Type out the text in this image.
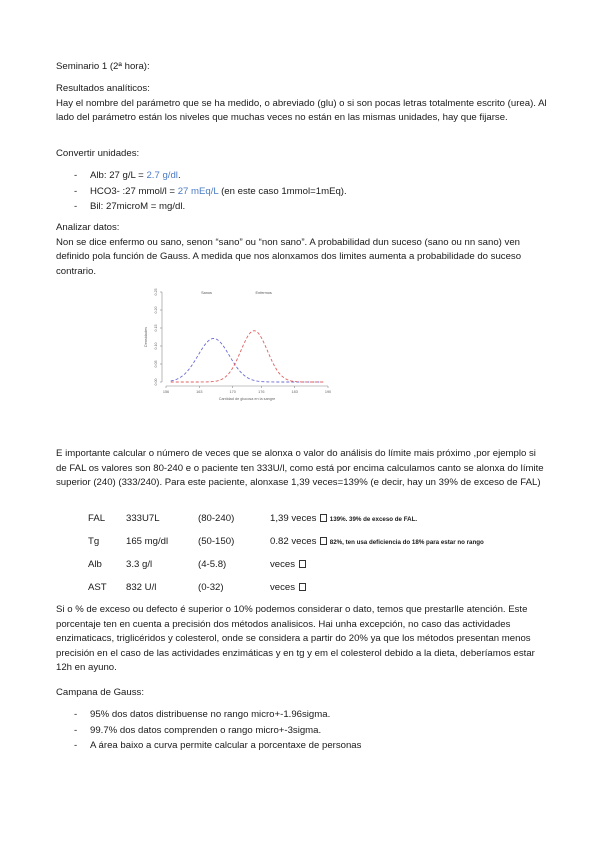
Seminario 1 (2ª hora):

Resultados analíticos:

Hay el nombre del parámetro que se ha medido, o abreviado (glu) o si son pocas letras totalmente escrito (urea). Al lado del parámetro están los niveles que muchas veces no están en las mismas unidades, hay que fijarse.

Convertir unidades:

- Alb: 27 g/L = 2.7 g/dl.
- HCO3- :27 mmol/l = 27 mEq/L (en este caso 1mmol=1mEq).
- Bil: 27microM = mg/dl.

Analizar datos:

Non se dice enfermo ou sano, senon “sano” ou “non sano”. A probabilidad dun suceso (sano ou nn sano) ven definido pola función de Gauss. A medida que nos alonxamos dos limites aumenta a probabilidade do suceso contrario.

0.00
0.05
0.10
0.15
0.20
0.25
156	163	170	176	183	190
Cantidad de glucosa en la sangre
Densidades
Sanos	Enfermos

E importante calcular o número de veces que se alonxa o valor do análisis do límite mais próximo ,por ejemplo si de FAL os valores son 80-240 e o paciente ten 333U/l, como está por encima calculamos canto se alonxa do límite superior (240) (333/240). Para este paciente, alonxase 1,39 veces=139% (e decir, hay un 39% de exceso de FAL)

FAL	333U7L	(80-240)	1,39 veces 139%. 39% de exceso de FAL.
Tg	165 mg/dl	(50-150)	0.82 veces 82%, ten usa deficiencia do 18% para estar no rango
Alb	3.3 g/l	(4-5.8)	veces
AST	832 U/l	(0-32)	veces

Si o % de exceso ou defecto é superior o 10% podemos considerar o dato, temos que prestarlle atención. Este porcentaje ten en cuenta a precisión dos métodos analisicos. Hai unha excepción, no caso das actividades enzimaticacs, triglicéridos y colesterol, onde se considera a partir do 20% ya que los métodos presentan menos precisión en el caso de las actividades enzimáticas y en tg y em el colesterol debido a la dieta, deberíamos estar 12h en ayuno.

Campana de Gauss:

- 95% dos datos distribuense no rango micro+-1.96sigma.
- 99.7% dos datos comprenden o rango micro+-3sigma.
- A área baixo a curva permite calcular a porcentaxe de personas
